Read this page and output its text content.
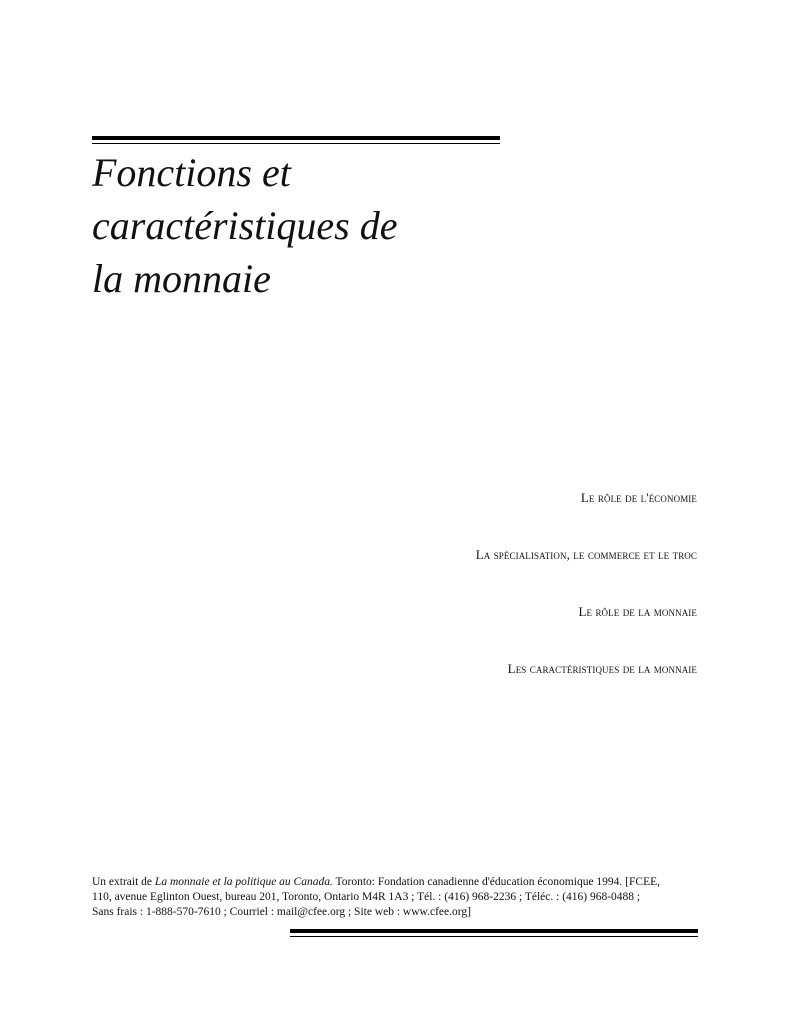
Fonctions et
caractéristiques de
la monnaie

Le rôle de l'économie

La spécialisation, le commerce et le troc

Le rôle de la monnaie

Les caractéristiques de la monnaie

Un extrait de La monnaie et la politique au Canada. Toronto: Fondation canadienne d'éducation économique 1994. [FCEE,
110, avenue Eglinton Ouest, bureau 201, Toronto, Ontario M4R 1A3 ; Tél. : (416) 968-2236 ; Téléc. : (416) 968-0488 ;
Sans frais : 1-888-570-7610 ; Courriel : mail@cfee.org ; Site web : www.cfee.org]
